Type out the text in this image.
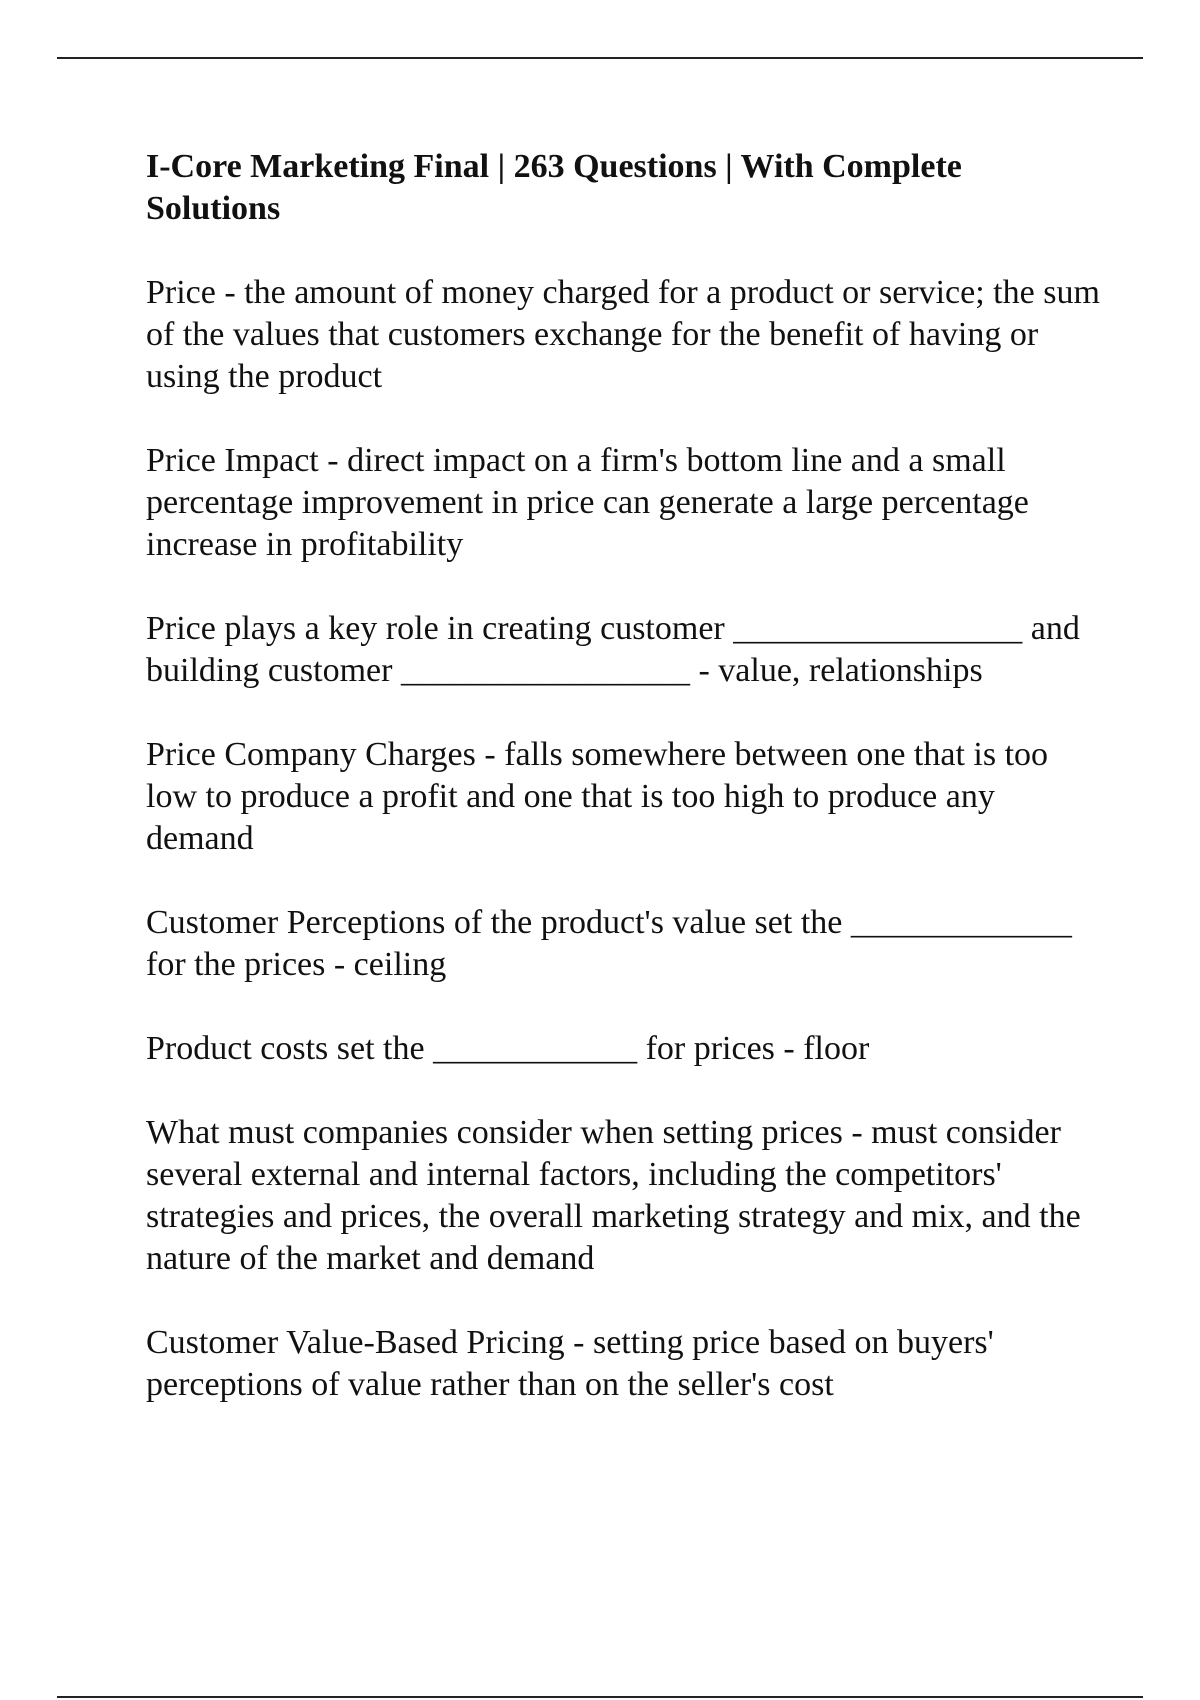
I-Core Marketing Final | 263 Questions | With Complete Solutions

Price - the amount of money charged for a product or service; the sum of the values that customers exchange for the benefit of having or using the product

Price Impact - direct impact on a firm's bottom line and a small percentage improvement in price can generate a large percentage increase in profitability

Price plays a key role in creating customer _________________ and building customer _________________ - value, relationships

Price Company Charges - falls somewhere between one that is too low to produce a profit and one that is too high to produce any demand

Customer Perceptions of the product's value set the _____________ for the prices - ceiling

Product costs set the ____________ for prices - floor

What must companies consider when setting prices - must consider several external and internal factors, including the competitors' strategies and prices, the overall marketing strategy and mix, and the nature of the market and demand

Customer Value-Based Pricing - setting price based on buyers' perceptions of value rather than on the seller's cost
